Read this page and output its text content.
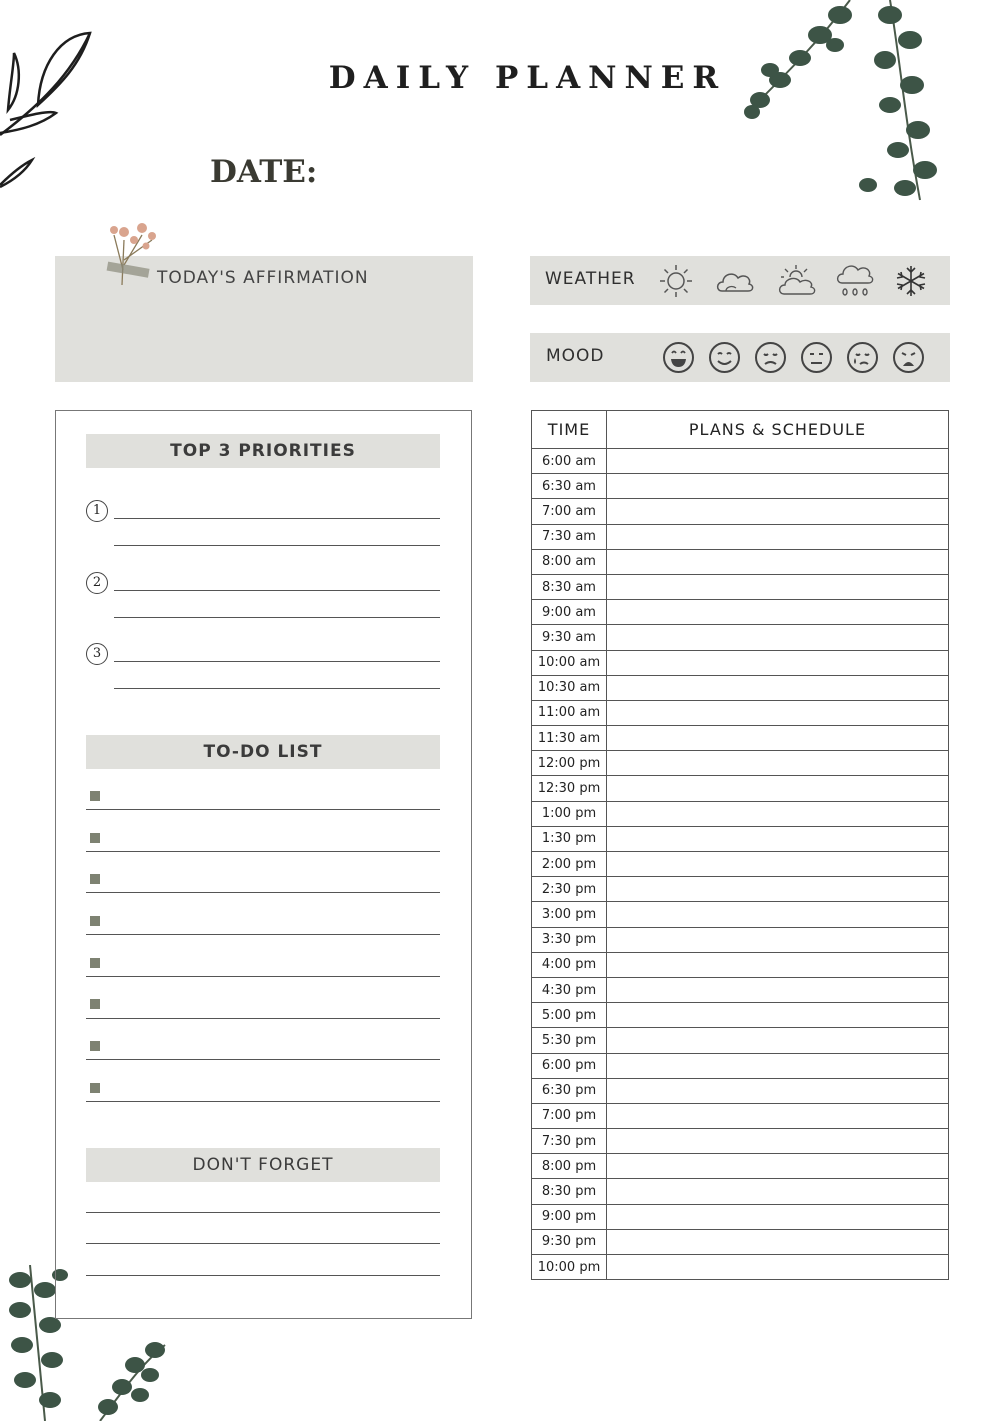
DAILY PLANNER
DATE:
TODAY'S AFFIRMATION	WEATHER
MOOD
TOP 3 PRIORITIES
1
2
3
TO-DO LIST
DON'T FORGET
TIME	PLANS & SCHEDULE
6:00 am	
6:30 am	
7:00 am	
7:30 am	
8:00 am	
8:30 am	
9:00 am	
9:30 am	
10:00 am	
10:30 am	
11:00 am	
11:30 am	
12:00 pm	
12:30 pm	
1:00 pm	
1:30 pm	
2:00 pm	
2:30 pm	
3:00 pm	
3:30 pm	
4:00 pm	
4:30 pm	
5:00 pm	
5:30 pm	
6:00 pm	
6:30 pm	
7:00 pm	
7:30 pm	
8:00 pm	
8:30 pm	
9:00 pm	
9:30 pm	
10:00 pm	
